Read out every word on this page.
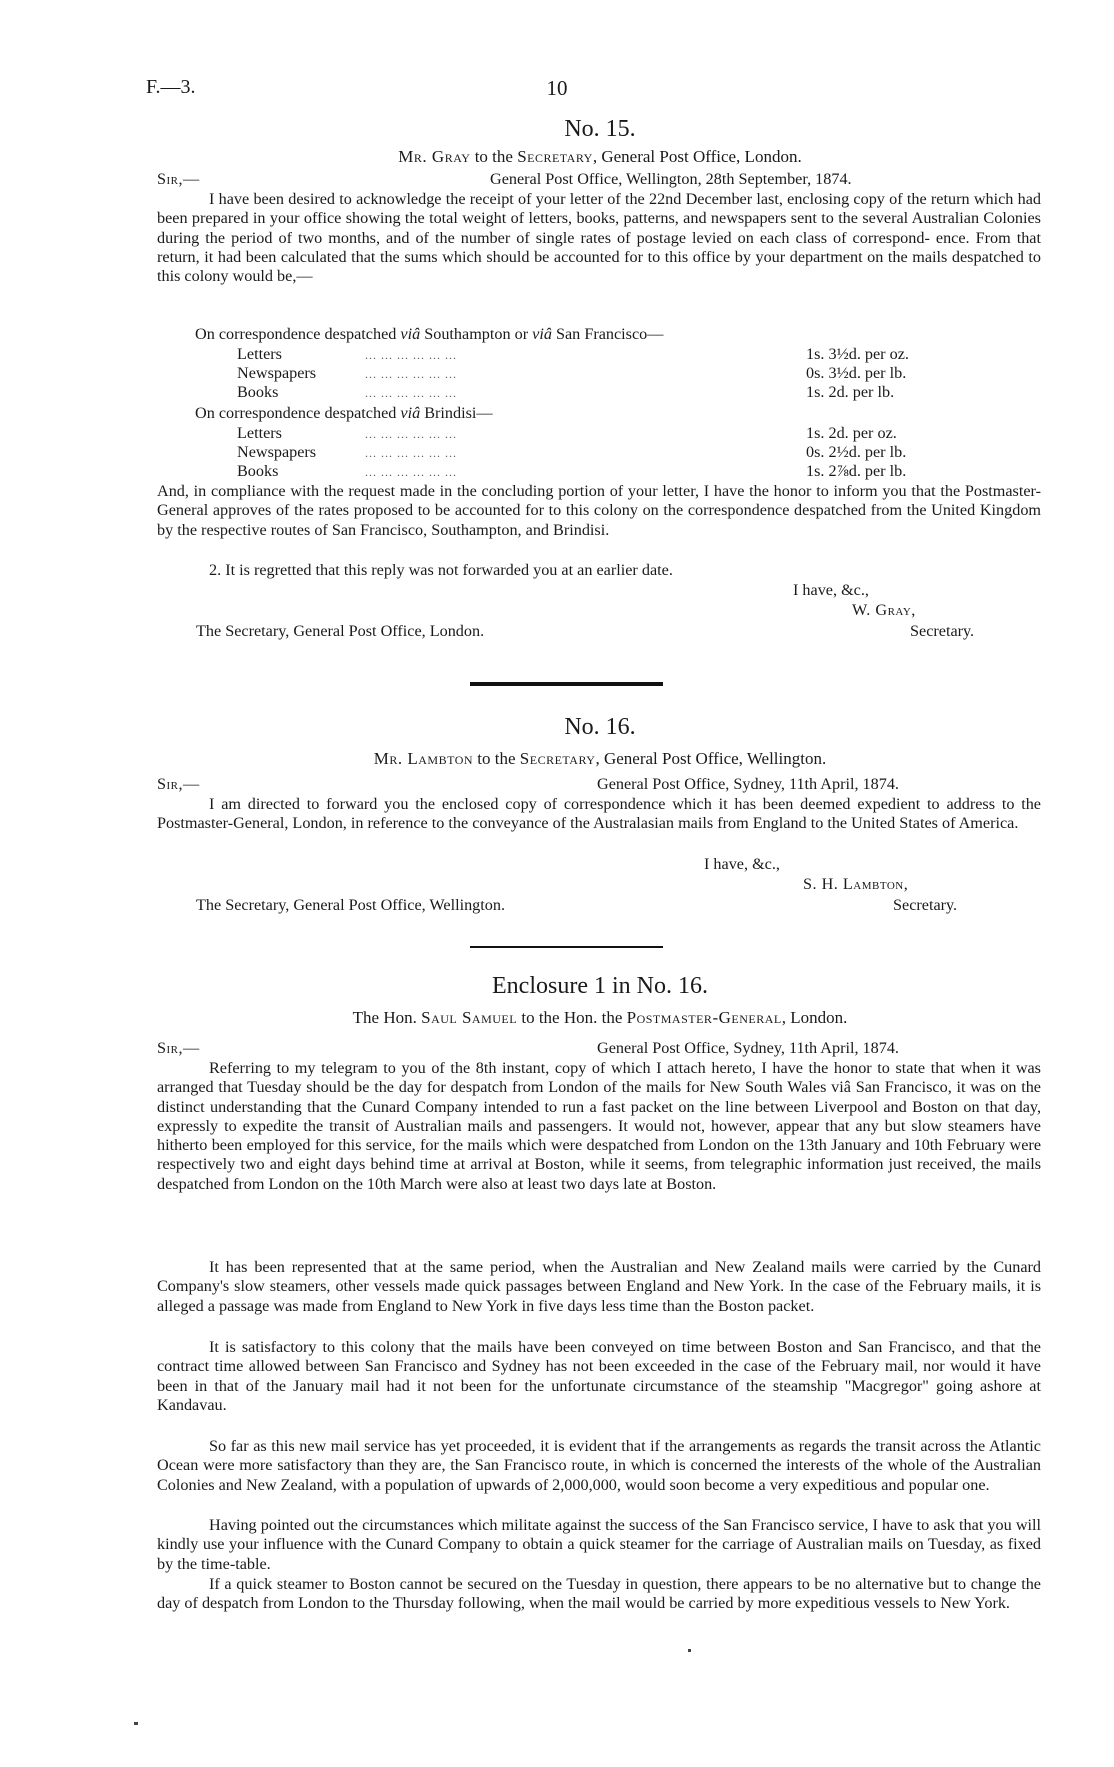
F.—3.	10
No. 15.
Mr. Gray to the Secretary, General Post Office, London.
Sir,—	General Post Office, Wellington, 28th September, 1874.
I have been desired to acknowledge the receipt of your letter of the 22nd December last, enclosing copy of the return which had been prepared in your office showing the total weight of letters, books, patterns, and newspapers sent to the several Australian Colonies during the period of two months, and of the number of single rates of postage levied on each class of correspond- ence. From that return, it had been calculated that the sums which should be accounted for to this office by your department on the mails despatched to this colony would be,—
On correspondence despatched viâ Southampton or viâ San Francisco—
Letters	... ... ... ... ... ...	1s. 3½d. per oz.
Newspapers	... ... ... ... ... ...	0s. 3½d. per lb.
Books	... ... ... ... ... ...	1s. 2d. per lb.
On correspondence despatched viâ Brindisi—
Letters	... ... ... ... ... ...	1s. 2d. per oz.
Newspapers	... ... ... ... ... ...	0s. 2½d. per lb.
Books	... ... ... ... ... ...	1s. 2⅞d. per lb.
And, in compliance with the request made in the concluding portion of your letter, I have the honor to inform you that the Postmaster-General approves of the rates proposed to be accounted for to this colony on the correspondence despatched from the United Kingdom by the respective routes of San Francisco, Southampton, and Brindisi.
2. It is regretted that this reply was not forwarded you at an earlier date.
I have, &c.,
W. Gray,
The Secretary, General Post Office, London.	Secretary.
No. 16.
Mr. Lambton to the Secretary, General Post Office, Wellington.
Sir,—	General Post Office, Sydney, 11th April, 1874.
I am directed to forward you the enclosed copy of correspondence which it has been deemed expedient to address to the Postmaster-General, London, in reference to the conveyance of the Australasian mails from England to the United States of America.
I have, &c.,
S. H. Lambton,
The Secretary, General Post Office, Wellington.	Secretary.
Enclosure 1 in No. 16.
The Hon. Saul Samuel to the Hon. the Postmaster-General, London.
Sir,—	General Post Office, Sydney, 11th April, 1874.
Referring to my telegram to you of the 8th instant, copy of which I attach hereto, I have the honor to state that when it was arranged that Tuesday should be the day for despatch from London of the mails for New South Wales viâ San Francisco, it was on the distinct understanding that the Cunard Company intended to run a fast packet on the line between Liverpool and Boston on that day, expressly to expedite the transit of Australian mails and passengers. It would not, however, appear that any but slow steamers have hitherto been employed for this service, for the mails which were despatched from London on the 13th January and 10th February were respectively two and eight days behind time at arrival at Boston, while it seems, from telegraphic information just received, the mails despatched from London on the 10th March were also at least two days late at Boston.
It has been represented that at the same period, when the Australian and New Zealand mails were carried by the Cunard Company's slow steamers, other vessels made quick passages between England and New York. In the case of the February mails, it is alleged a passage was made from England to New York in five days less time than the Boston packet.
It is satisfactory to this colony that the mails have been conveyed on time between Boston and San Francisco, and that the contract time allowed between San Francisco and Sydney has not been exceeded in the case of the February mail, nor would it have been in that of the January mail had it not been for the unfortunate circumstance of the steamship "Macgregor" going ashore at Kandavau.
So far as this new mail service has yet proceeded, it is evident that if the arrangements as regards the transit across the Atlantic Ocean were more satisfactory than they are, the San Francisco route, in which is concerned the interests of the whole of the Australian Colonies and New Zealand, with a population of upwards of 2,000,000, would soon become a very expeditious and popular one.
Having pointed out the circumstances which militate against the success of the San Francisco service, I have to ask that you will kindly use your influence with the Cunard Company to obtain a quick steamer for the carriage of Australian mails on Tuesday, as fixed by the time-table.
If a quick steamer to Boston cannot be secured on the Tuesday in question, there appears to be no alternative but to change the day of despatch from London to the Thursday following, when the mail would be carried by more expeditious vessels to New York.
